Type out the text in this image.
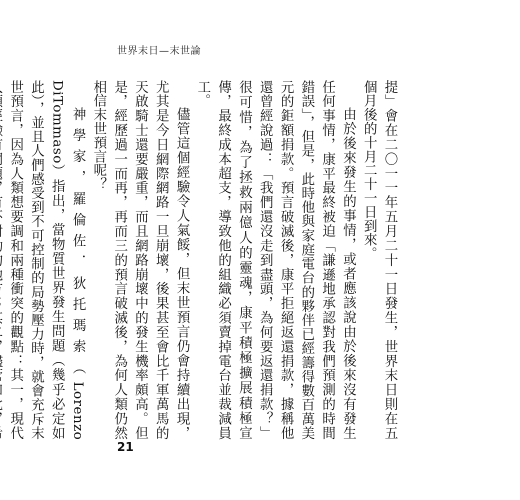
世界末日—末世論

提」會在二〇一一年五月二十一日發生，世界末日則在五個月後的十月二十一日到來。

由於後來發生的事情，或者應該說由於後來沒有發生任何事情，康平最終被迫「謙遜地承認對我們預測的時間錯誤」，但是，此時他與家庭電台的夥伴已經籌得數百萬美元的鉅額捐款。預言破滅後，康平拒絕返還捐款，據稱他還曾經說過：「我們還沒走到盡頭，為何要返還捐款？」很可惜，為了拯救兩億人的靈魂，康平積極擴展積極宣傳，最終成本超支，導致他的組織必須賣掉電台並裁減員工。

儘管這個經驗令人氣餒，但末世預言仍會持續出現，尤其是今日網際網路一旦崩壞，後果甚至會比千軍萬馬的天啟騎士還要嚴重，而且網路崩壞中的發生機率頗高。但是，經歷過一而再，再而三的預言破滅後，為何人類仍然相信末世預言呢？

神學家，羅倫佐．狄托瑪索（Lorenzo DiTommaso）指出，當物質世界發生問題（幾乎必定如此），並且人們感受到不可控制的局勢壓力時，就會充斥末世預言，因為人類想要調和兩種衝突的觀點：其一，現代

21
